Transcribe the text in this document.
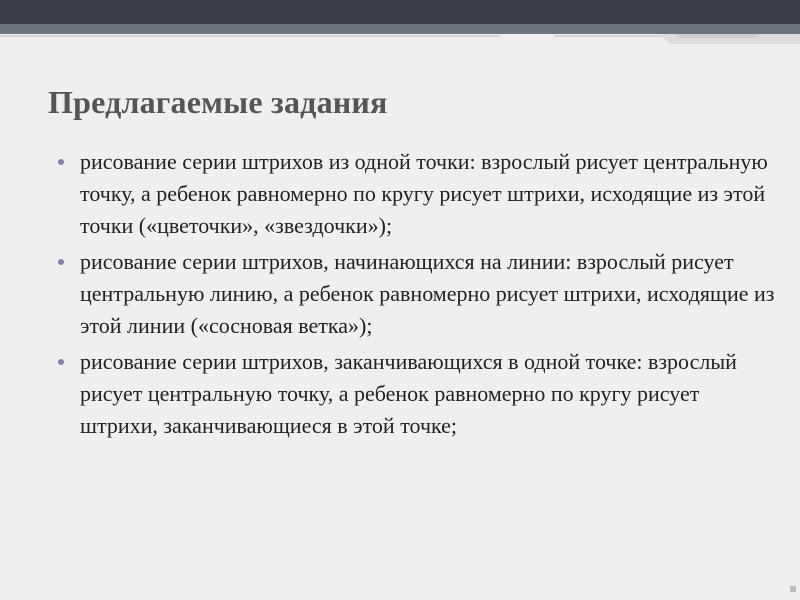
Предлагаемые задания
рисование серии штрихов из одной точки: взрослый рисует центральную точку, а ребенок равномерно по кругу рисует штрихи, исходящие из этой точки («цветочки», «звездочки»);
рисование серии штрихов, начинающихся на линии: взрослый рисует центральную линию, а ребенок равномерно рисует штрихи, исходящие из этой линии («сосновая ветка»);
рисование серии штрихов, заканчивающихся в одной точке: взрослый рисует центральную точку, а ребенок равномерно по кругу рисует штрихи, заканчивающиеся в этой точке;
